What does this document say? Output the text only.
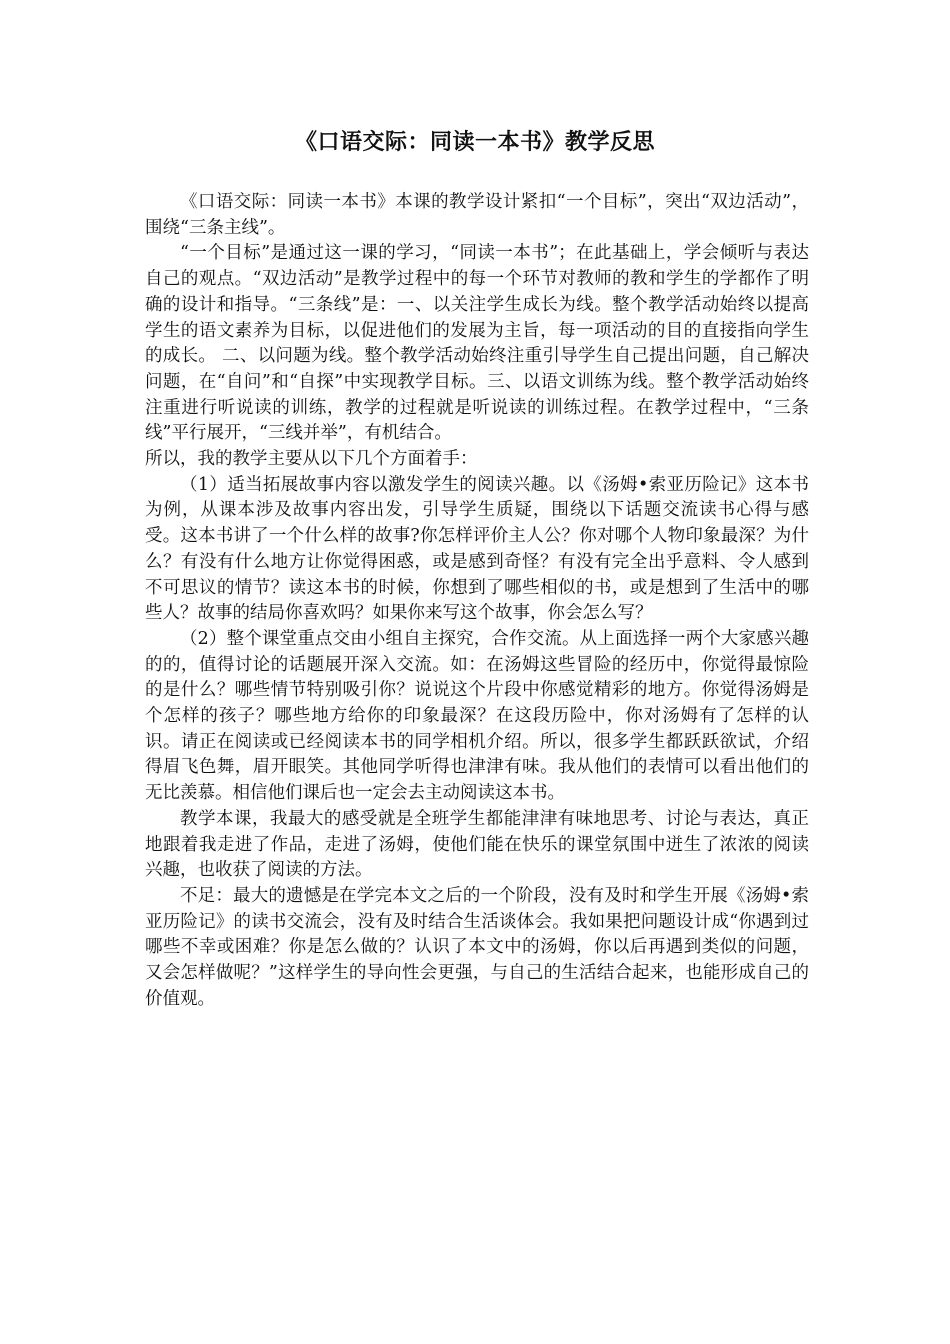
《口语交际：同读一本书》教学反思

《口语交际：同读一本书》本课的教学设计紧扣“一个目标”，突出“双边活动”，围绕“三条主线”。

“一个目标”是通过这一课的学习，“同读一本书”；在此基础上，学会倾听与表达自己的观点。“双边活动”是教学过程中的每一个环节对教师的教和学生的学都作了明确的设计和指导。“三条线”是：一、以关注学生成长为线。整个教学活动始终以提高学生的语文素养为目标，以促进他们的发展为主旨，每一项活动的目的直接指向学生的成长。 二、以问题为线。整个教学活动始终注重引导学生自己提出问题，自己解决问题，在“自问”和“自探”中实现教学目标。三、以语文训练为线。整个教学活动始终注重进行听说读的训练，教学的过程就是听说读的训练过程。在教学过程中，“三条线”平行展开，“三线并举”，有机结合。

所以，我的教学主要从以下几个方面着手：

（1）适当拓展故事内容以激发学生的阅读兴趣。以《汤姆•索亚历险记》这本书为例，从课本涉及故事内容出发，引导学生质疑，围绕以下话题交流读书心得与感受。这本书讲了一个什么样的故事?你怎样评价主人公？你对哪个人物印象最深？为什么？有没有什么地方让你觉得困惑，或是感到奇怪？有没有完全出乎意料、令人感到不可思议的情节？读这本书的时候，你想到了哪些相似的书，或是想到了生活中的哪些人？故事的结局你喜欢吗？如果你来写这个故事，你会怎么写？

（2）整个课堂重点交由小组自主探究，合作交流。从上面选择一两个大家感兴趣的的，值得讨论的话题展开深入交流。如：在汤姆这些冒险的经历中，你觉得最惊险的是什么？哪些情节特别吸引你？说说这个片段中你感觉精彩的地方。你觉得汤姆是个怎样的孩子？哪些地方给你的印象最深？在这段历险中，你对汤姆有了怎样的认识。请正在阅读或已经阅读本书的同学相机介绍。所以，很多学生都跃跃欲试，介绍得眉飞色舞，眉开眼笑。其他同学听得也津津有味。我从他们的表情可以看出他们的无比羡慕。相信他们课后也一定会去主动阅读这本书。

教学本课，我最大的感受就是全班学生都能津津有味地思考、讨论与表达，真正地跟着我走进了作品，走进了汤姆，使他们能在快乐的课堂氛围中迸生了浓浓的阅读兴趣，也收获了阅读的方法。

不足：最大的遗憾是在学完本文之后的一个阶段，没有及时和学生开展《汤姆•索亚历险记》的读书交流会，没有及时结合生活谈体会。我如果把问题设计成“你遇到过哪些不幸或困难？你是怎么做的？认识了本文中的汤姆，你以后再遇到类似的问题，又会怎样做呢？”这样学生的导向性会更强，与自己的生活结合起来，也能形成自己的价值观。
